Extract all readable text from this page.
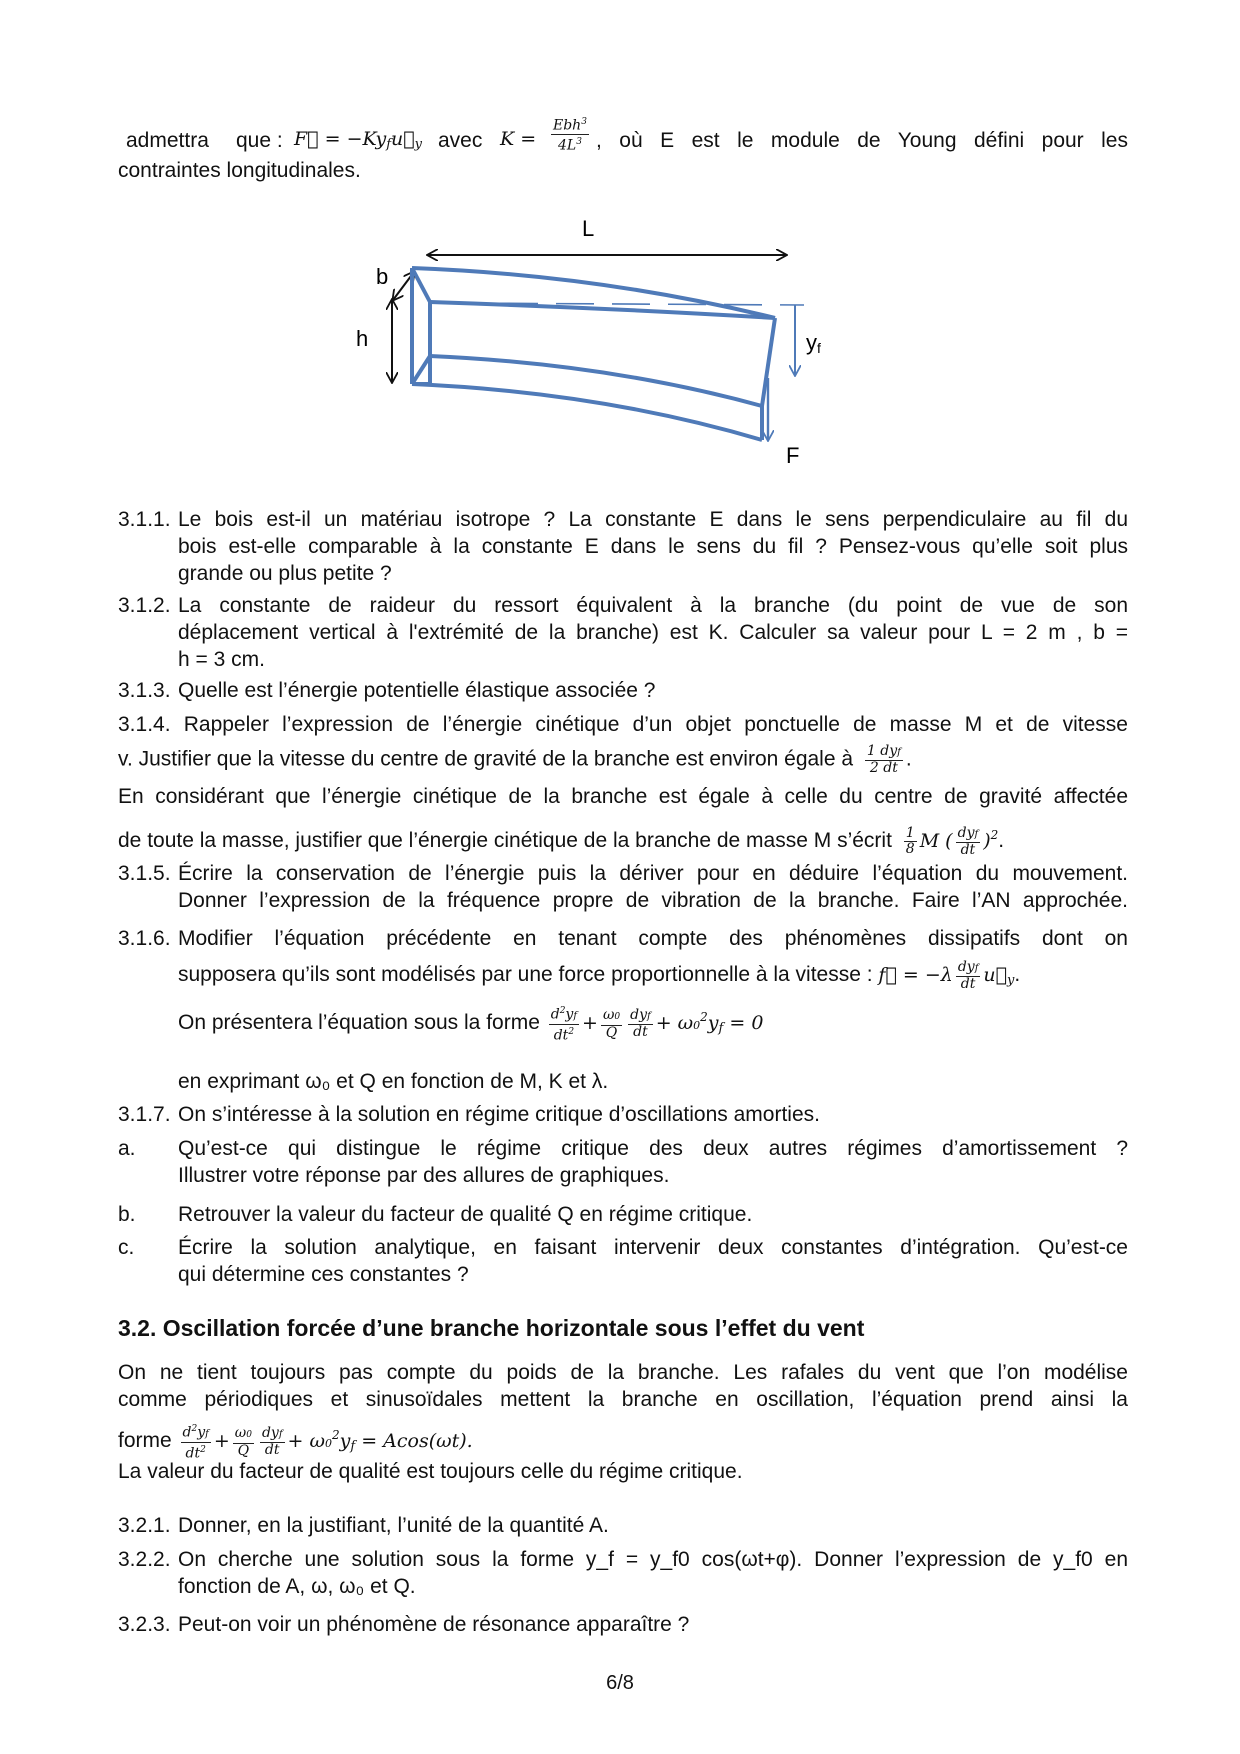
admettra que : F⃗ = $-Ky_fu⃗_y$ avec K =
Ebh$^3$
$4L^3$ , où E est le module de Young défini pour les
contraintes longitudinales.
L
b
h	yf
F
3.1.1. Le bois est-il un matériau isotrope ? La constante E dans le sens perpendiculaire au fil du
bois est-elle comparable à la constante E dans le sens du fil ? Pensez-vous qu’elle soit plus
grande ou plus petite ?
3.1.2. La constante de raideur du ressort équivalent à la branche (du point de vue de son
déplacement vertical à l'extrémité de la branche) est K. Calculer sa valeur pour L = 2 m , b =
h = 3 cm.
3.1.3. Quelle est l’énergie potentielle élastique associée ?
3.1.4. Rappeler l’expression de l’énergie cinétique d’un objet ponctuelle de masse M et de vitesse
v. Justifier que la vitesse du centre de gravité de la branche est environ égale à $\frac{\text{1 dyf}}{2 dt}$ .
En considérant que l’énergie cinétique de la branche est égale à celle du centre de gravité affectée
de toute la masse, justifier que l’énergie cinétique de la branche de masse M s’écrit $\frac{1}{8}$ M ( $\frac{\text{dyf}}{dt} )^2$.
3.1.5. Écrire la conservation de l’énergie puis la dériver pour en déduire l’équation du mouvement.
Donner l’expression de la fréquence propre de vibration de la branche. Faire l’AN approchée.
3.1.6. Modifier l’équation précédente en tenant compte des phénomènes dissipatifs dont on
supposera qu’ils sont modélisés par une force proportionnelle à la vitesse : f⃗ = $-\lambda \frac{\text{dyf}}{dt}$ $u⃗_y$.
On présentera l’équation sous la forme $\frac{d^2yf}{dt^2} + \frac{\omega 0}{Q} \frac{\text{dyf}}{dt} + \omega 0^2y_f = 0$
en exprimant ω₀ et Q en fonction de M, K et λ.
3.1.7. On s’intéresse à la solution en régime critique d’oscillations amorties.
a. Qu’est-ce qui distingue le régime critique des deux autres régimes d’amortissement ?
Illustrer votre réponse par des allures de graphiques.
b. Retrouver la valeur du facteur de qualité Q en régime critique.
c. Écrire la solution analytique, en faisant intervenir deux constantes d’intégration. Qu’est-ce
qui détermine ces constantes ?
3.2. Oscillation forcée d’une branche horizontale sous l’effet du vent
On ne tient toujours pas compte du poids de la branche. Les rafales du vent que l’on modélise
comme périodiques et sinusoïdales mettent la branche en oscillation, l’équation prend ainsi la
forme $\frac{d^2yf}{dt^2} + \frac{\omega 0}{Q} \frac{\text{dyf}}{dt} + \omega 0^2y_f = Acos(\omega t)$.
La valeur du facteur de qualité est toujours celle du régime critique.
3.2.1. Donner, en la justifiant, l’unité de la quantité A.
3.2.2. On cherche une solution sous la forme y_f = y_f0 cos(ωt+φ). Donner l’expression de y_f0 en
fonction de A, ω, ω₀ et Q.
3.2.3. Peut-on voir un phénomène de résonance apparaître ?
6/8
